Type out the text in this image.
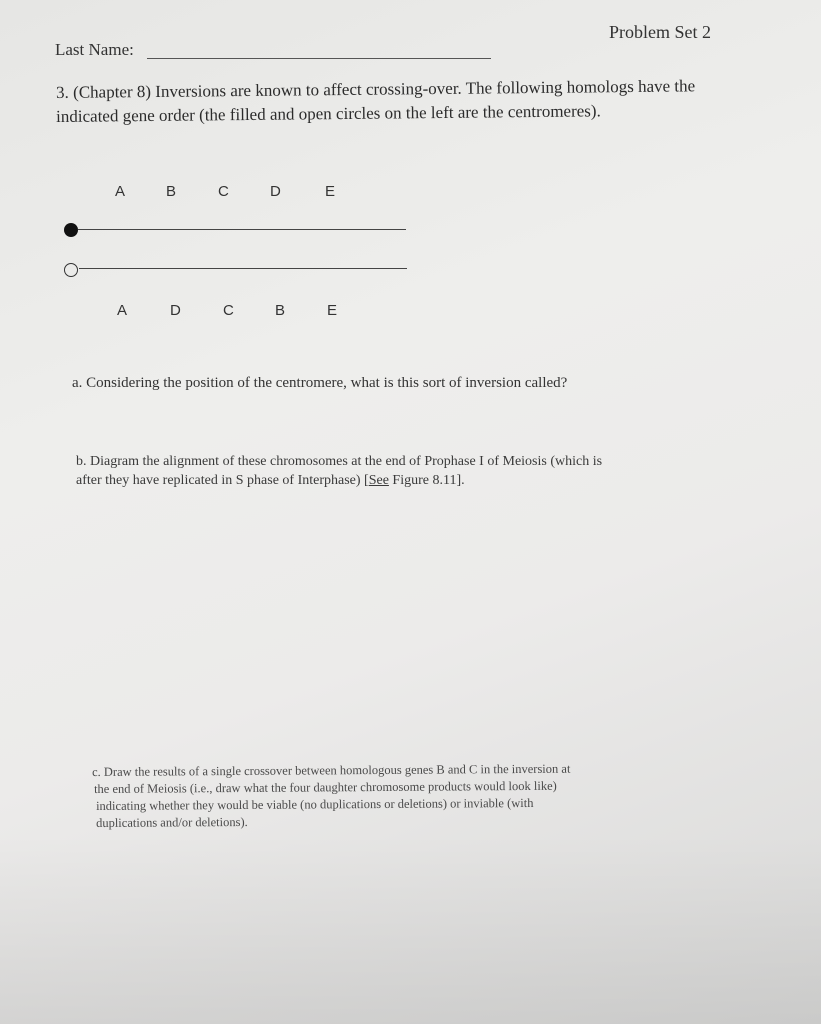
Problem Set 2
Last Name:
3. (Chapter 8) Inversions are known to affect crossing-over. The following homologs have the
indicated gene order (the filled and open circles on the left are the centromeres).
A	B	C	D	E
A	D	C	B	E
a. Considering the position of the centromere, what is this sort of inversion called?
b. Diagram the alignment of these chromosomes at the end of Prophase I of Meiosis (which is
after they have replicated in S phase of Interphase) [See Figure 8.11].
c. Draw the results of a single crossover between homologous genes B and C in the inversion at
the end of Meiosis (i.e., draw what the four daughter chromosome products would look like)
indicating whether they would be viable (no duplications or deletions) or inviable (with
duplications and/or deletions).
